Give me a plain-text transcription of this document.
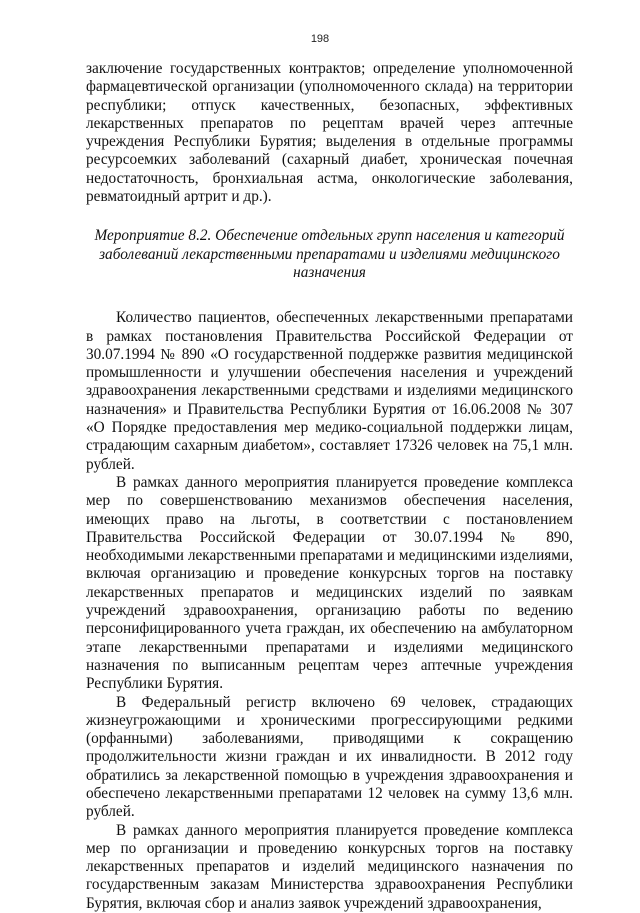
198

заключение государственных контрактов; определение уполномоченной фармацевтической организации (уполномоченного склада) на территории республики; отпуск качественных, безопасных, эффективных лекарственных препаратов по рецептам врачей через аптечные учреждения Республики Бурятия; выделения в отдельные программы ресурсоемких заболеваний (сахарный диабет, хроническая почечная недостаточность, бронхиальная астма, онкологические заболевания, ревматоидный артрит и др.).

Мероприятие 8.2. Обеспечение отдельных групп населения и категорий заболеваний лекарственными препаратами и изделиями медицинского назначения

Количество пациентов, обеспеченных лекарственными препаратами в рамках постановления Правительства Российской Федерации от 30.07.1994 № 890 «О государственной поддержке развития медицинской промышленности и улучшении обеспечения населения и учреждений здравоохранения лекарственными средствами и изделиями медицинского назначения» и Правительства Республики Бурятия от 16.06.2008 № 307 «О Порядке предоставления мер медико-социальной поддержки лицам, страдающим сахарным диабетом», составляет 17326 человек на 75,1 млн. рублей.

В рамках данного мероприятия планируется проведение комплекса мер по совершенствованию механизмов обеспечения населения, имеющих право на льготы, в соответствии с постановлением Правительства Российской Федерации от 30.07.1994 № 890, необходимыми лекарственными препаратами и медицинскими изделиями, включая организацию и проведение конкурсных торгов на поставку лекарственных препаратов и медицинских изделий по заявкам учреждений здравоохранения, организацию работы по ведению персонифицированного учета граждан, их обеспечению на амбулаторном этапе лекарственными препаратами и изделиями медицинского назначения по выписанным рецептам через аптечные учреждения Республики Бурятия.

В Федеральный регистр включено 69 человек, страдающих жизнеугрожающими и хроническими прогрессирующими редкими (орфанными) заболеваниями, приводящими к сокращению продолжительности жизни граждан и их инвалидности. В 2012 году обратились за лекарственной помощью в учреждения здравоохранения и обеспечено лекарственными препаратами 12 человек на сумму 13,6 млн. рублей.

В рамках данного мероприятия планируется проведение комплекса мер по организации и проведению конкурсных торгов на поставку лекарственных препаратов и изделий медицинского назначения по государственным заказам Министерства здравоохранения Республики Бурятия, включая сбор и анализ заявок учреждений здравоохранения,
